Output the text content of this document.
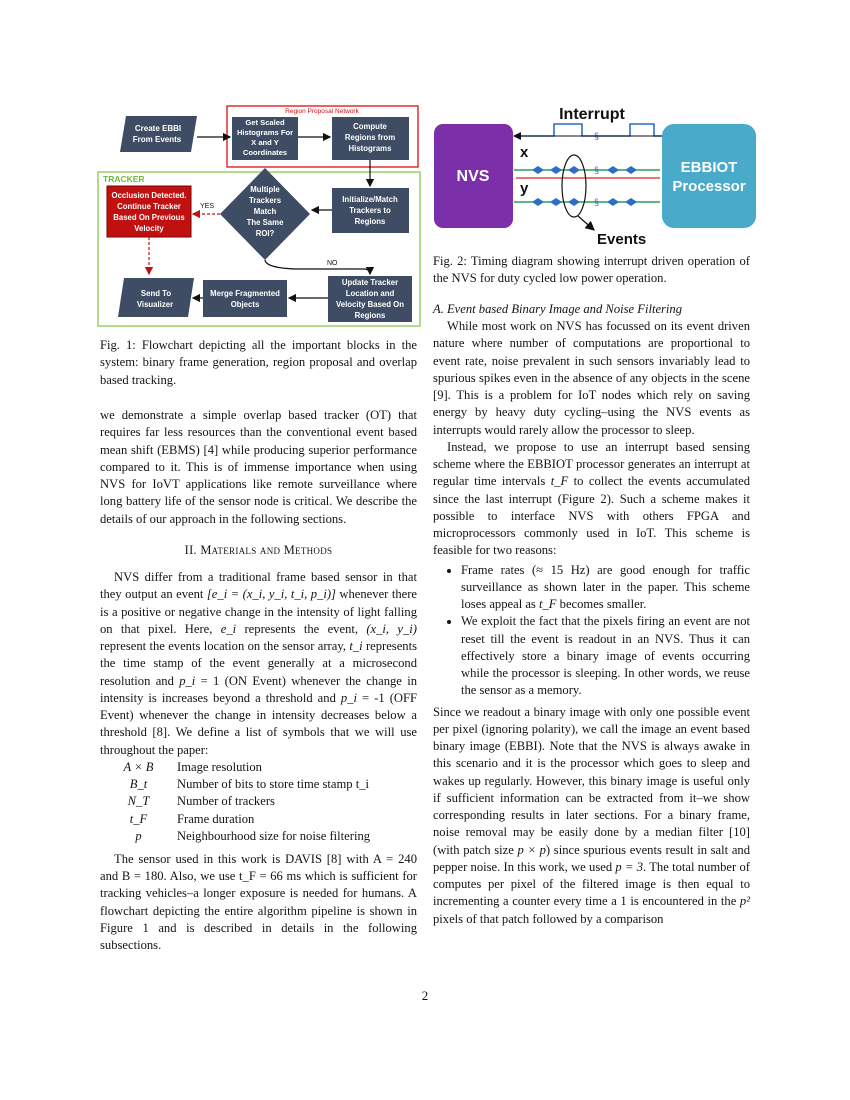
Region Proposal Network
TRACKER
Create EBBI
From Events
Get Scaled
Histograms For
X and Y
Coordinates
Compute
Regions from
Histograms
Multiple
Trackers
Match
The Same
ROI?
Initialize/Match
Trackers to
Regions
Occlusion Detected.
Continue Tracker
Based On Previous
Velocity
YES
NO
Update Tracker
Location and
Velocity Based On
Regions
Merge Fragmented
Objects
Send To
Visualizer
Interrupt
§
NVS
EBBIOT
Processor
x
y
§
§
Events

Fig. 1: Flowchart depicting all the important blocks in the system: binary frame generation, region proposal and overlap based tracking.

we demonstrate a simple overlap based tracker (OT) that requires far less resources than the conventional event based mean shift (EBMS) [4] while producing superior performance compared to it. This is of immense importance when using NVS for IoVT applications like remote surveillance where long battery life of the sensor node is critical. We describe the details of our approach in the following sections.

II. Materials and Methods

NVS differ from a traditional frame based sensor in that they output an event [e_i = (x_i, y_i, t_i, p_i)] whenever there is a positive or negative change in the intensity of light falling on that pixel. Here, e_i represents the event, (x_i, y_i) represent the events location on the sensor array, t_i represents the time stamp of the event generally at a microsecond resolution and p_i = 1 (ON Event) whenever the change in intensity is increases beyond a threshold and p_i = -1 (OFF Event) whenever the change in intensity decreases below a threshold [8]. We define a list of symbols that we will use throughout the paper:

A × B	Image resolution
B_t	Number of bits to store time stamp t_i
N_T	Number of trackers
t_F	Frame duration
p	Neighbourhood size for noise filtering

The sensor used in this work is DAVIS [8] with A = 240 and B = 180. Also, we use t_F = 66 ms which is sufficient for tracking vehicles–a longer exposure is needed for humans. A flowchart depicting the entire algorithm pipeline is shown in Figure 1 and is described in details in the following subsections.

Fig. 2: Timing diagram showing interrupt driven operation of the NVS for duty cycled low power operation.

A. Event based Binary Image and Noise Filtering

While most work on NVS has focussed on its event driven nature where number of computations are proportional to event rate, noise prevalent in such sensors invariably lead to spurious spikes even in the absence of any objects in the scene [9]. This is a problem for IoT nodes which rely on saving energy by heavy duty cycling–using the NVS events as interrupts would rarely allow the processor to sleep.

Instead, we propose to use an interrupt based sensing scheme where the EBBIOT processor generates an interrupt at regular time intervals t_F to collect the events accumulated since the last interrupt (Figure 2). Such a scheme makes it possible to interface NVS with others FPGA and microprocessors commonly used in IoT. This scheme is feasible for two reasons:

• Frame rates (≈ 15 Hz) are good enough for traffic surveillance as shown later in the paper. This scheme loses appeal as t_F becomes smaller.
• We exploit the fact that the pixels firing an event are not reset till the event is readout in an NVS. Thus it can effectively store a binary image of events occurring while the processor is sleeping. In other words, we reuse the sensor as a memory.

Since we readout a binary image with only one possible event per pixel (ignoring polarity), we call the image an event based binary image (EBBI). Note that the NVS is always awake in this scenario and it is the processor which goes to sleep and wakes up regularly. However, this binary image is useful only if sufficient information can be extracted from it–we show corresponding results in later sections. For a binary frame, noise removal may be easily done by a median filter [10] (with patch size p × p) since spurious events result in salt and pepper noise. In this work, we used p = 3. The total number of computes per pixel of the filtered image is then equal to incrementing a counter every time a 1 is encountered in the p² pixels of that patch followed by a comparison

2
